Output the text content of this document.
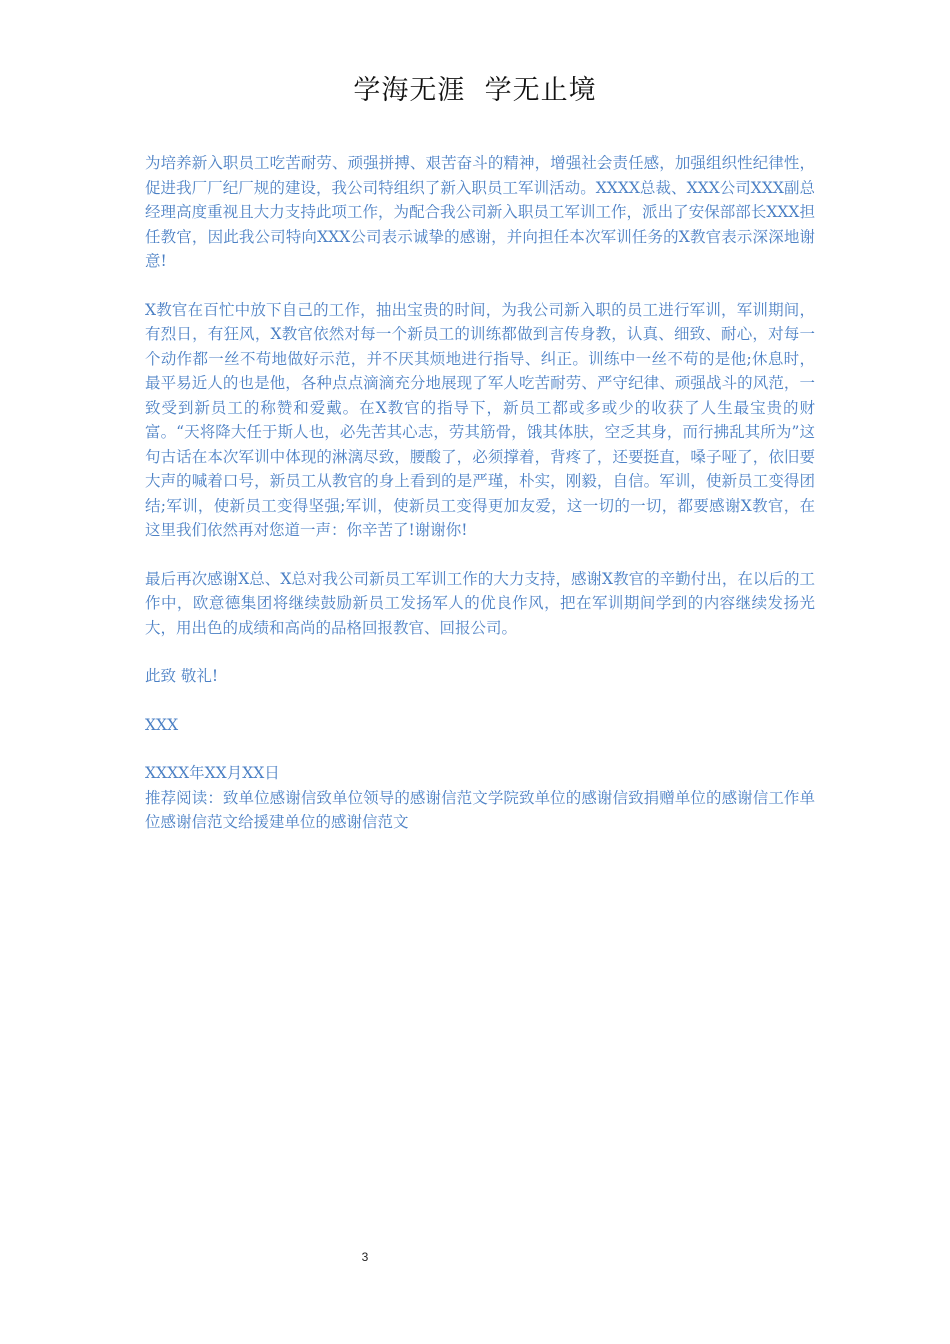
学海无涯  学无止境

为培养新入职员工吃苦耐劳、顽强拼搏、艰苦奋斗的精神，增强社会责任感，加强组织性纪律性，促进我厂厂纪厂规的建设，我公司特组织了新入职员工军训活动。XXXX总裁、XXX公司XXX副总经理高度重视且大力支持此项工作，为配合我公司新入职员工军训工作，派出了安保部部长XXX担任教官，因此我公司特向XXX公司表示诚挚的感谢，并向担任本次军训任务的X教官表示深深地谢意!

X教官在百忙中放下自己的工作，抽出宝贵的时间，为我公司新入职的员工进行军训，军训期间，有烈日，有狂风，X教官依然对每一个新员工的训练都做到言传身教，认真、细致、耐心，对每一个动作都一丝不苟地做好示范，并不厌其烦地进行指导、纠正。训练中一丝不苟的是他;休息时，最平易近人的也是他，各种点点滴滴充分地展现了军人吃苦耐劳、严守纪律、顽强战斗的风范，一致受到新员工的称赞和爱戴。在X教官的指导下，新员工都或多或少的收获了人生最宝贵的财富。“天将降大任于斯人也，必先苦其心志，劳其筋骨，饿其体肤，空乏其身，而行拂乱其所为”这句古话在本次军训中体现的淋漓尽致，腰酸了，必须撑着，背疼了，还要挺直，嗓子哑了，依旧要大声的喊着口号，新员工从教官的身上看到的是严瑾，朴实，刚毅，自信。军训，使新员工变得团结;军训，使新员工变得坚强;军训，使新员工变得更加友爱，这一切的一切，都要感谢X教官，在这里我们依然再对您道一声：你辛苦了!谢谢你!

最后再次感谢X总、X总对我公司新员工军训工作的大力支持，感谢X教官的辛勤付出，在以后的工作中，欧意德集团将继续鼓励新员工发扬军人的优良作风，把在军训期间学到的内容继续发扬光大，用出色的成绩和高尚的品格回报教官、回报公司。

此致 敬礼!

XXX

XXXX年XX月XX日

推荐阅读：致单位感谢信致单位领导的感谢信范文学院致单位的感谢信致捐赠单位的感谢信工作单位感谢信范文给援建单位的感谢信范文

3
